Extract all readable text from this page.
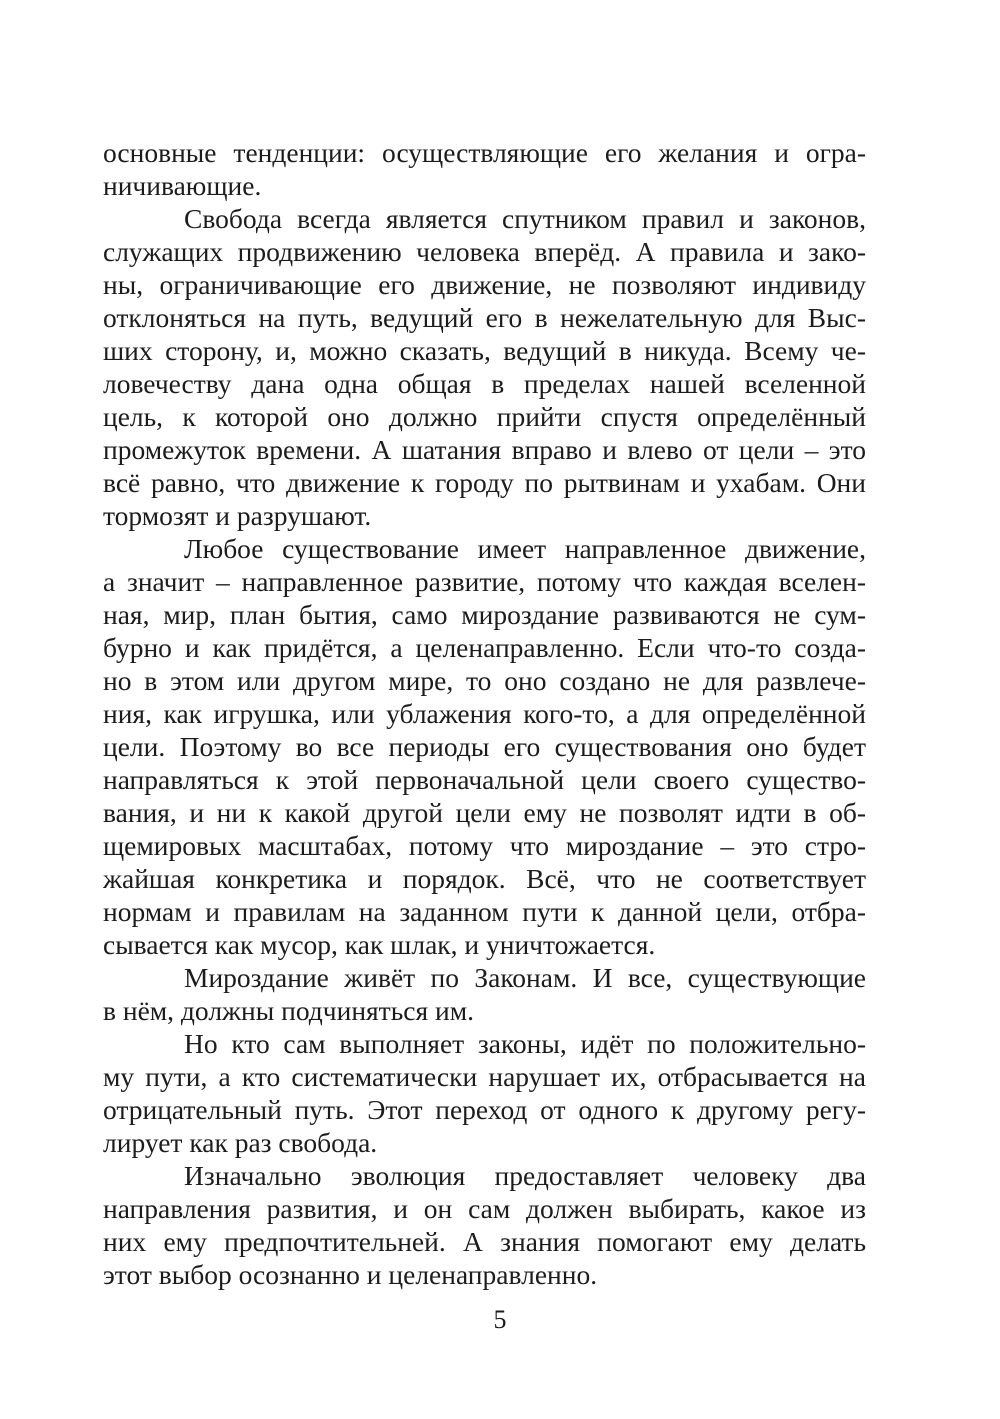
основные тенденции: осуществляющие его желания и огра-
ничивающие.
Свобода всегда является спутником правил и законов,
служащих продвижению человека вперёд. А правила и зако-
ны, ограничивающие его движение, не позволяют индивиду
отклоняться на путь, ведущий его в нежелательную для Выс-
ших сторону, и, можно сказать, ведущий в никуда. Всему че-
ловечеству дана одна общая в пределах нашей вселенной
цель, к которой оно должно прийти спустя определённый
промежуток времени. А шатания вправо и влево от цели – это
всё равно, что движение к городу по рытвинам и ухабам. Они
тормозят и разрушают.
Любое существование имеет направленное движение,
а значит – направленное развитие, потому что каждая вселен-
ная, мир, план бытия, само мироздание развиваются не сум-
бурно и как придётся, а целенаправленно. Если что-то созда-
но в этом или другом мире, то оно создано не для развлече-
ния, как игрушка, или ублажения кого-то, а для определённой
цели. Поэтому во все периоды его существования оно будет
направляться к этой первоначальной цели своего существо-
вания, и ни к какой другой цели ему не позволят идти в об-
щемировых масштабах, потому что мироздание – это стро-
жайшая конкретика и порядок. Всё, что не соответствует
нормам и правилам на заданном пути к данной цели, отбра-
сывается как мусор, как шлак, и уничтожается.
Мироздание живёт по Законам. И все, существующие
в нём, должны подчиняться им.
Но кто сам выполняет законы, идёт по положительно-
му пути, а кто систематически нарушает их, отбрасывается на
отрицательный путь. Этот переход от одного к другому регу-
лирует как раз свобода.
Изначально эволюция предоставляет человеку два
направления развития, и он сам должен выбирать, какое из
них ему предпочтительней. А знания помогают ему делать
этот выбор осознанно и целенаправленно.
5
